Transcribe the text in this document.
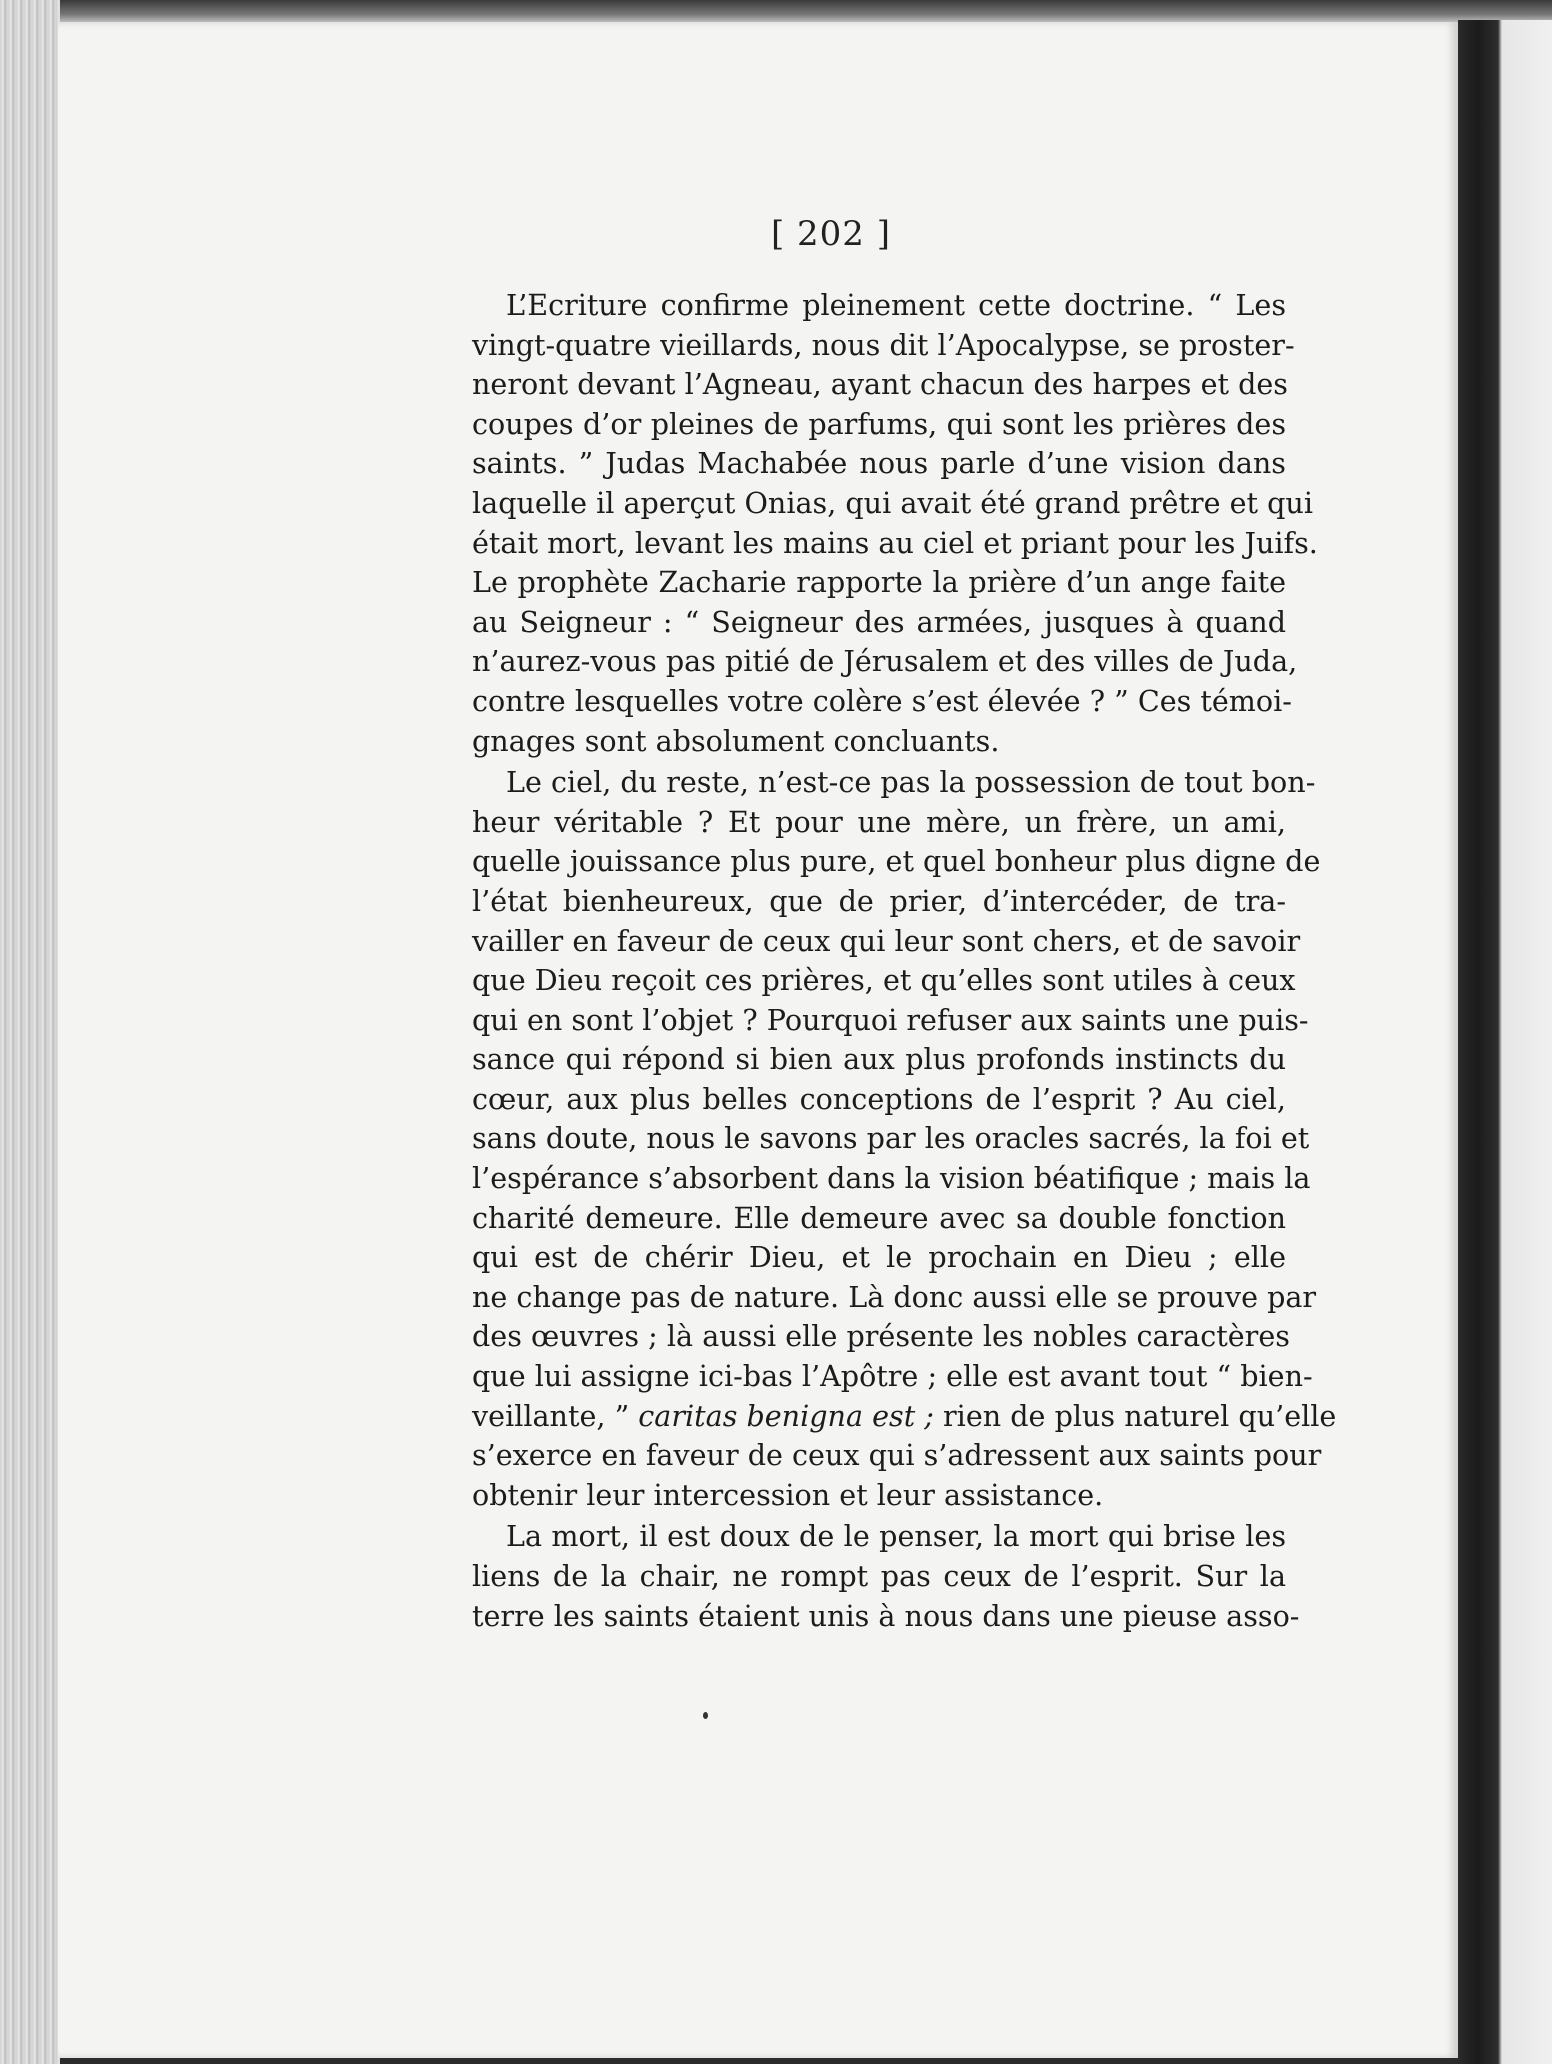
[ 202 ]
L’Ecriture confirme pleinement cette doctrine. “ Les
vingt-quatre vieillards, nous dit l’Apocalypse, se proster-
neront devant l’Agneau, ayant chacun des harpes et des
coupes d’or pleines de parfums, qui sont les prières des
saints. ” Judas Machabée nous parle d’une vision dans
laquelle il aperçut Onias, qui avait été grand prêtre et qui
était mort, levant les mains au ciel et priant pour les Juifs.
Le prophète Zacharie rapporte la prière d’un ange faite
au Seigneur : “ Seigneur des armées, jusques à quand
n’aurez-vous pas pitié de Jérusalem et des villes de Juda,
contre lesquelles votre colère s’est élevée ? ” Ces témoi-
gnages sont absolument concluants.
Le ciel, du reste, n’est-ce pas la possession de tout bon-
heur véritable ? Et pour une mère, un frère, un ami,
quelle jouissance plus pure, et quel bonheur plus digne de
l’état bienheureux, que de prier, d’intercéder, de tra-
vailler en faveur de ceux qui leur sont chers, et de savoir
que Dieu reçoit ces prières, et qu’elles sont utiles à ceux
qui en sont l’objet ? Pourquoi refuser aux saints une puis-
sance qui répond si bien aux plus profonds instincts du
cœur, aux plus belles conceptions de l’esprit ? Au ciel,
sans doute, nous le savons par les oracles sacrés, la foi et
l’espérance s’absorbent dans la vision béatifique ; mais la
charité demeure. Elle demeure avec sa double fonction
qui est de chérir Dieu, et le prochain en Dieu ; elle
ne change pas de nature. Là donc aussi elle se prouve par
des œuvres ; là aussi elle présente les nobles caractères
que lui assigne ici-bas l’Apôtre ; elle est avant tout “ bien-
veillante, ” caritas benigna est ; rien de plus naturel qu’elle
s’exerce en faveur de ceux qui s’adressent aux saints pour
obtenir leur intercession et leur assistance.
La mort, il est doux de le penser, la mort qui brise les
liens de la chair, ne rompt pas ceux de l’esprit. Sur la
terre les saints étaient unis à nous dans une pieuse asso-
